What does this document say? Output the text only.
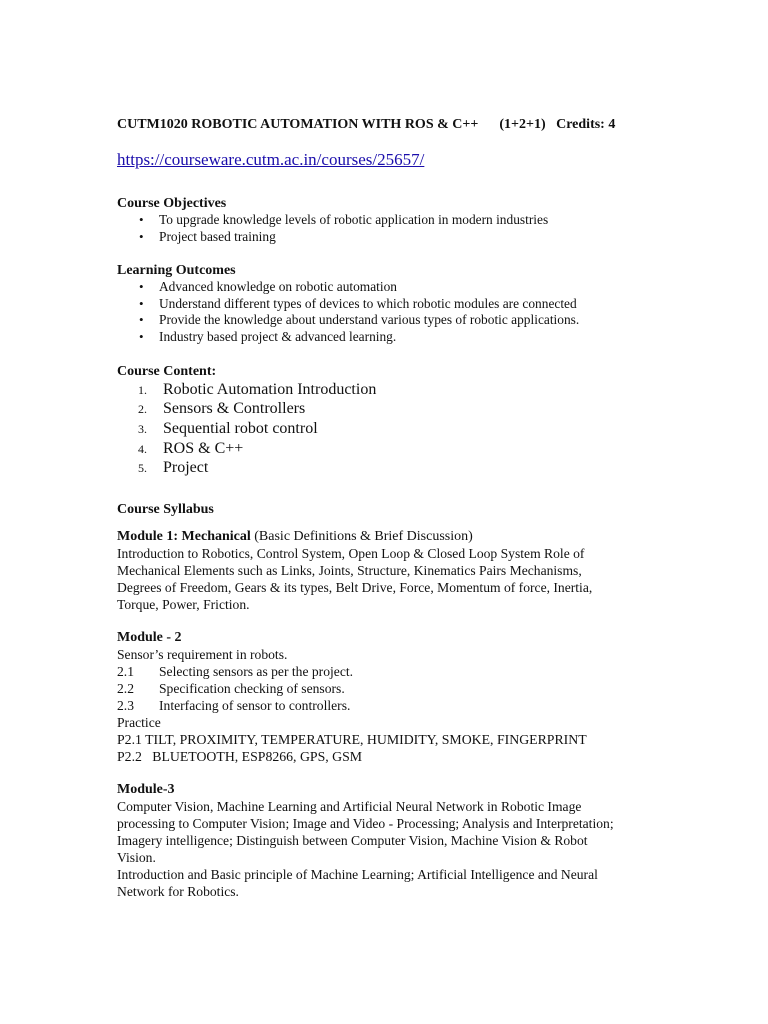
CUTM1020 ROBOTIC AUTOMATION WITH ROS & C++      (1+2+1)   Credits: 4
https://courseware.cutm.ac.in/courses/25657/
Course Objectives
• To upgrade knowledge levels of robotic application in modern industries
• Project based training
Learning Outcomes
• Advanced knowledge on robotic automation
• Understand different types of devices to which robotic modules are connected
• Provide the knowledge about understand various types of robotic applications.
• Industry based project & advanced learning.
Course Content:
1.	Robotic Automation Introduction
2.	Sensors & Controllers
3.	Sequential robot control
4.	ROS & C++
5.	Project
Course Syllabus
Module 1: Mechanical (Basic Definitions & Brief Discussion)
Introduction to Robotics, Control System, Open Loop & Closed Loop System Role of
Mechanical Elements such as Links, Joints, Structure, Kinematics Pairs Mechanisms,
Degrees of Freedom, Gears & its types, Belt Drive, Force, Momentum of force, Inertia,
Torque, Power, Friction.
Module - 2
Sensor’s requirement in robots.
2.1	Selecting sensors as per the project.
2.2	Specification checking of sensors.
2.3	Interfacing of sensor to controllers.
Practice
P2.1 TILT, PROXIMITY, TEMPERATURE, HUMIDITY, SMOKE, FINGERPRINT
P2.2   BLUETOOTH, ESP8266, GPS, GSM
Module-3
Computer Vision, Machine Learning and Artificial Neural Network in Robotic Image
processing to Computer Vision; Image and Video - Processing; Analysis and Interpretation;
Imagery intelligence; Distinguish between Computer Vision, Machine Vision & Robot
Vision.
Introduction and Basic principle of Machine Learning; Artificial Intelligence and Neural
Network for Robotics.
